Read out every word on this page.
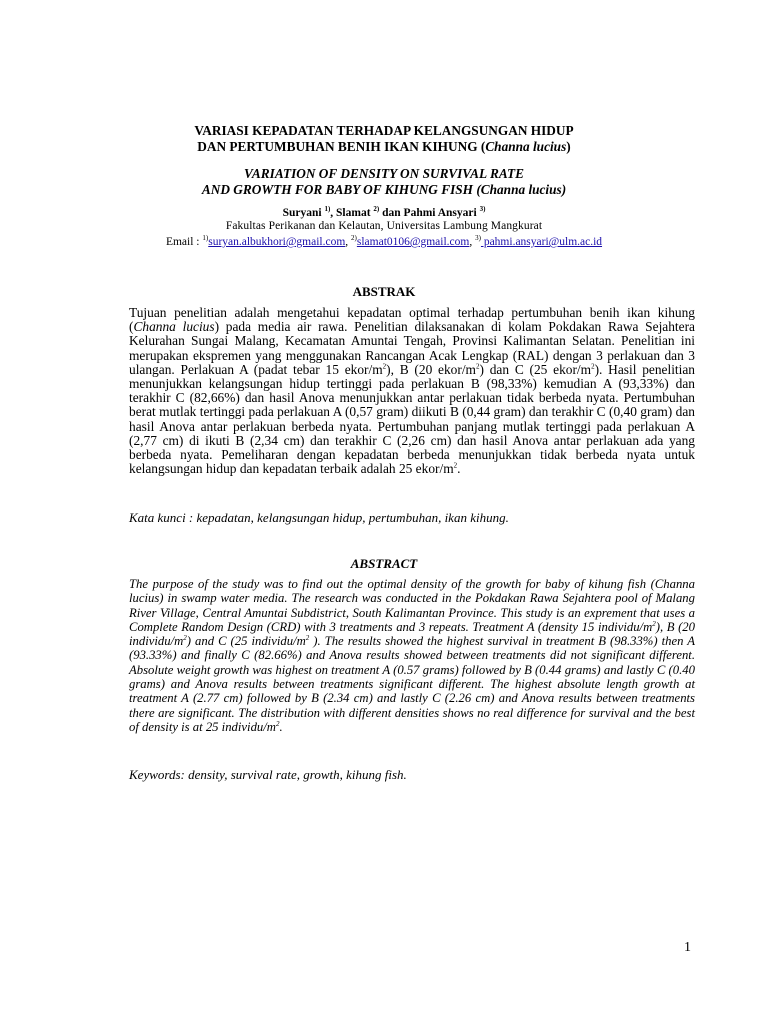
VARIASI KEPADATAN TERHADAP KELANGSUNGAN HIDUP
DAN PERTUMBUHAN BENIH IKAN KIHUNG (Channa lucius)
VARIATION OF DENSITY ON SURVIVAL RATE
AND GROWTH FOR BABY OF KIHUNG FISH (Channa lucius)
Suryani $^{1)}$, Slamat $^{2)}$ dan Pahmi Ansyari $^{3)}$
Fakultas Perikanan dan Kelautan, Universitas Lambung Mangkurat
Email : $^{1)}$suryan.albukhori@gmail.com, $^{2)}$slamat0106@gmail.com, $^{3)}$ pahmi.ansyari@ulm.ac.id
ABSTRAK
Tujuan penelitian adalah mengetahui kepadatan optimal terhadap pertumbuhan benih ikan kihung (Channa lucius) pada media air rawa. Penelitian dilaksanakan di kolam Pokdakan Rawa Sejahtera Kelurahan Sungai Malang, Kecamatan Amuntai Tengah, Provinsi Kalimantan Selatan. Penelitian ini merupakan ekspremen yang menggunakan Rancangan Acak Lengkap (RAL) dengan 3 perlakuan dan 3 ulangan. Perlakuan A (padat tebar 15 ekor/$m^2$), B (20 ekor/$m^2$) dan C (25 ekor/$m^2$). Hasil penelitian menunjukkan kelangsungan hidup tertinggi pada perlakuan B (98,33%) kemudian A (93,33%) dan terakhir C (82,66%) dan hasil Anova menunjukkan antar perlakuan tidak berbeda nyata. Pertumbuhan berat mutlak tertinggi pada perlakuan A (0,57 gram) diikuti B (0,44 gram) dan terakhir C (0,40 gram) dan hasil Anova antar perlakuan berbeda nyata. Pertumbuhan panjang mutlak tertinggi pada perlakuan A (2,77 cm) di ikuti B (2,34 cm) dan terakhir C (2,26 cm) dan hasil Anova antar perlakuan ada yang berbeda nyata. Pemeliharan dengan kepadatan berbeda menunjukkan tidak berbeda nyata untuk kelangsungan hidup dan kepadatan terbaik adalah 25 ekor/$m^2$.
Kata kunci : kepadatan, kelangsungan hidup, pertumbuhan, ikan kihung.
ABSTRACT
The purpose of the study was to find out the optimal density of the growth for baby of kihung fish (Channa lucius) in swamp water media. The research was conducted in the Pokdakan Rawa Sejahtera pool of Malang River Village, Central Amuntai Subdistrict, South Kalimantan Province. This study is an exprement that uses a Complete Random Design (CRD) with 3 treatments and 3 repeats. Treatment A (density 15 individu/$m^2$), B (20 individu/$m^2$) and C (25 individu/$m^2$ ). The results showed the highest survival in treatment B (98.33%) then A (93.33%) and finally C (82.66%) and Anova results showed between treatments did not significant different. Absolute weight growth was highest on treatment A (0.57 grams) followed by B (0.44 grams) and lastly C (0.40 grams) and Anova results between treatments significant different. The highest absolute length growth at treatment A (2.77 cm) followed by B (2.34 cm) and lastly C (2.26 cm) and Anova results between treatments there are significant. The distribution with different densities shows no real difference for survival and the best of density is at 25 individu/$m^2$.
Keywords: density, survival rate, growth, kihung fish.
1
